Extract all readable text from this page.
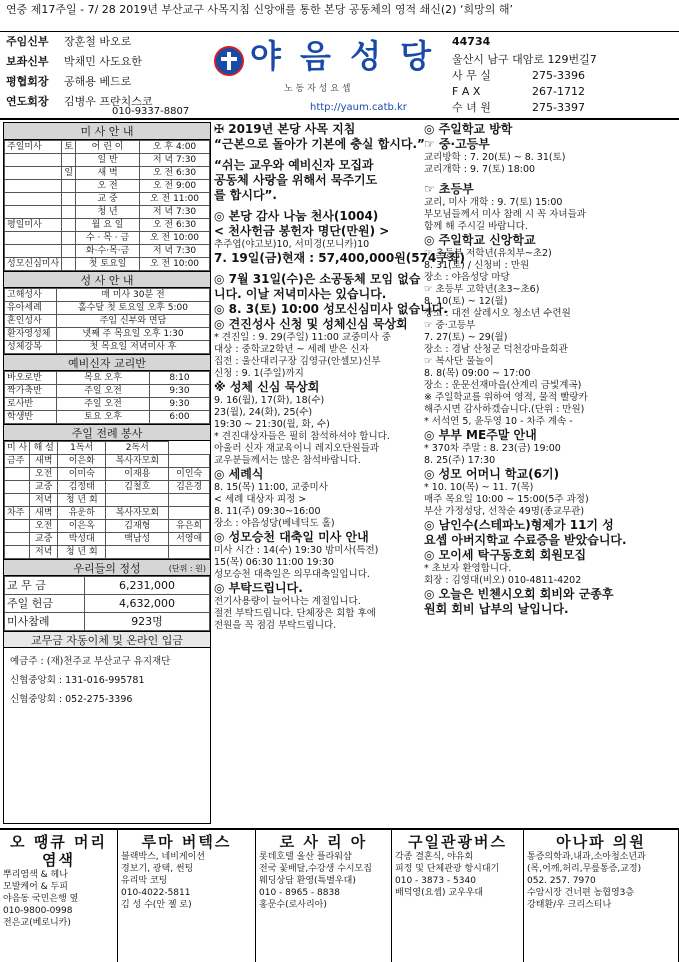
연중 제17주일 - 7/ 28 2019년 부산교구 사목지침 신앙애를 통한 본당 공동체의 영적 쇄신(2) ‘희망의 해’
주임신부 장훈철 바오로
보좌신부 박채민 사도요한
평협회장 공해용 베드로
연도회장 김병우 프란치스코
010-9337-8807
야 음 성 당
노 동 자 성 요 셉
http://yaum.catb.kr
44734
울산시 남구 대암로 129번길7
사 무 실	275-3396
F A X	267-1712
수 녀 원	275-3397
미 사 안 내
주일미사	토	어 린 이	오 후 4:00
		일 반	저 녁 7:30
	일	새 벽	오 전 6:30
		오 전	오 전 9:00
		교 중	오 전 11:00
		청 년	저 녁 7:30
평일미사		월 요 일	오 전 6:30
		수 · 목 · 금	오 전 10:00
		화·수·목·금	저 녁 7:30
성모신심미사		첫 토요일	오 전 10:00
성 사 안 내
고해성사	매 미사 30분 전
유아세례	홀수달 첫 토요일 오후 5:00
혼인성사	주임 신부와 면담
환자영성체	넷째 주 목요일 오후 1:30
성체강복	첫 목요일 저녁미사 후
예비신자 교리반
바오로반	목요 오후	8:10
짝가축반	주일 오전	9:30
로사반	주일 오전	9:30
학생반	토요 오후	6:00
주일 전례 봉사
미 사	해 설	1독서	2독서	
금주	새벽	이은화	복사자모회	
	오전	이미숙	이재용	이인숙
	교중	김정태	김철호	김은경
	저녁	청 년 회		
차주	새벽	유운하	복사자모회	
	오전	이은옥	김재형	유은희
	교중	박성대	백남성	서영애
	저녁	청 년 회		
우리들의 정성	(단위 : 원)
교 무 금	6,231,000
주일 헌금	4,632,000
미사참례	923명
교무금 자동이체 및 온라인 입금
예금주 : (재)천주교 부산교구 유지재단
신협중앙회 : 131-016-995781
신협중앙회 : 052-275-3396
✠ 2019년 본당 사목 지침
“근본으로 돌아가 기본에 충실 합시다.”
“쉬는 교우와 예비신자 모집과
공동체 사랑을 위해서 묵주기도
를 합시다”.
◎ 본당 감사 나눔 천사(1004)
< 천사헌금 봉헌자 명단(만원) >
추주엽(야고보)10, 서미경(모니카)10
7. 19일(금)현재 : 57,400,000원(574구좌)
◎ 7월 31일(수)은 소공동체 모임 없습
니다. 이날 저녁미사는 있습니다.
◎ 8. 3(토) 10:00 성모신심미사 없습니다.
◎ 견진성사 신청 및 성체신심 묵상회
* 견진일 : 9. 29(주일) 11:00 교중미사 중
대상 : 중학교2학년 ~ 세례 받은 신자
집전 : 울산대리구장 김영규(안셀모)신부
신청 : 9. 1(주일)까지
※ 성체 신심 묵상회
9. 16(월), 17(화), 18(수)
23(월), 24(화), 25(수)
19:30 ~ 21:30(월, 화, 수)
* 견진대상자들은 필히 참석하셔야 합니다.
아울러 신자 재교육이니 레지오단원들과
교우분들께서는 많은 참석바랍니다.
◎ 세례식
8. 15(목) 11:00, 교중미사
< 세례 대상자 피정 >
8. 11(주) 09:30~16:00
장소 : 야음성당(베네딕도 홀)
◎ 성모승천 대축일 미사 안내
미사 시간 : 14(수) 19:30 밤미사(특전)
15(목) 06:30 11:00 19:30
성모승천 대축일은 의무대축일입니다.
◎ 부탁드립니다.
전기사용량이 늘어나는 계절입니다.
절전 부탁드립니다. 단체장은 회합 후에
전원을 꼭 점검 부탁드립니다.
◎ 주일학교 방학
☞ 중·고등부
교리방학 : 7. 20(토) ~ 8. 31(토)
교리개학 : 9. 7(토) 18:00
☞ 초등부
교리, 미사 개학 : 9. 7(토) 15:00
부모님들께서 미사 참례 시 꼭 자녀들과
함께 해 주시길 바랍니다.
◎ 주일학교 신앙학교
☞ 초등부 저학년(유치부~초2)
8. 31(토) / 신청비 : 만원
장소 : 야음성당 마당
☞ 초등부 고학년(초3~초6)
8. 10(토) ~ 12(월)
장소 : 대전 살레시오 청소년 수련원
☞ 중·고등부
7. 27(토) ~ 29(월)
장소 : 경남 산청군 덕천강마을회관
☞ 복사단 물놀이
8. 8(목) 09:00 ~ 17:00
장소 : 운문선재마을(산계리 금빛계곡)
※ 주일학교를 위하여 영적, 물적 빨랑카
해주시면 감사하겠습니다.(단위 : 만원)
* 서석연 5, 윤두영 10 - 차주 계속 -
◎ 부부 ME주말 안내
* 370차 주말 : 8. 23(금) 19:00
8. 25(주) 17:30
◎ 성모 어머니 학교(6기)
* 10. 10(목) ~ 11. 7(목)
매주 목요일 10:00 ~ 15:00(5주 과정)
부산 가정성당, 선착순 49명(종교무관)
◎ 남인수(스테파노)형제가 11기 성
요셉 아버지학교 수료증을 받았습니다.
◎ 모이세 탁구동호회 회원모집
* 초보자 환영합니다.
회장 : 김영대(비오) 010-4811-4202
◎ 오늘은 빈첸시오회 회비와 군종후
원회 회비 납부의 날입니다.
오 땡큐 머리 염색
뿌리염색 & 헤나
모발케어 & 두피
야음동 국민은행 옆
010-9800-0998
전은교(베로니카)
루마 버텍스
블랙박스, 네비게이션
경보기, 광택, 썬팅
유리막 코팅
010-4022-5811
김 성 수(안 젤 로)
로 사 리 아
롯데호텔 울산 플라워샵
전국 꽃배달,수강생 수시모집
웨딩상담 환영(특별우대)
010 - 8965 - 8838
홍문수(로사리아)
구일관광버스
각종 결혼식, 야유회
피정 및 단체관광 항시대기
010 - 3873 - 5340
배덕영(요셉) 교우우대
아나파 의원
통증의학과,내과,소아청소년과
(목,어깨,허리,무릎통증,교정)
052. 257. 7970
수암시장 건너편 농협영3층
강태환/우 크리스티나
